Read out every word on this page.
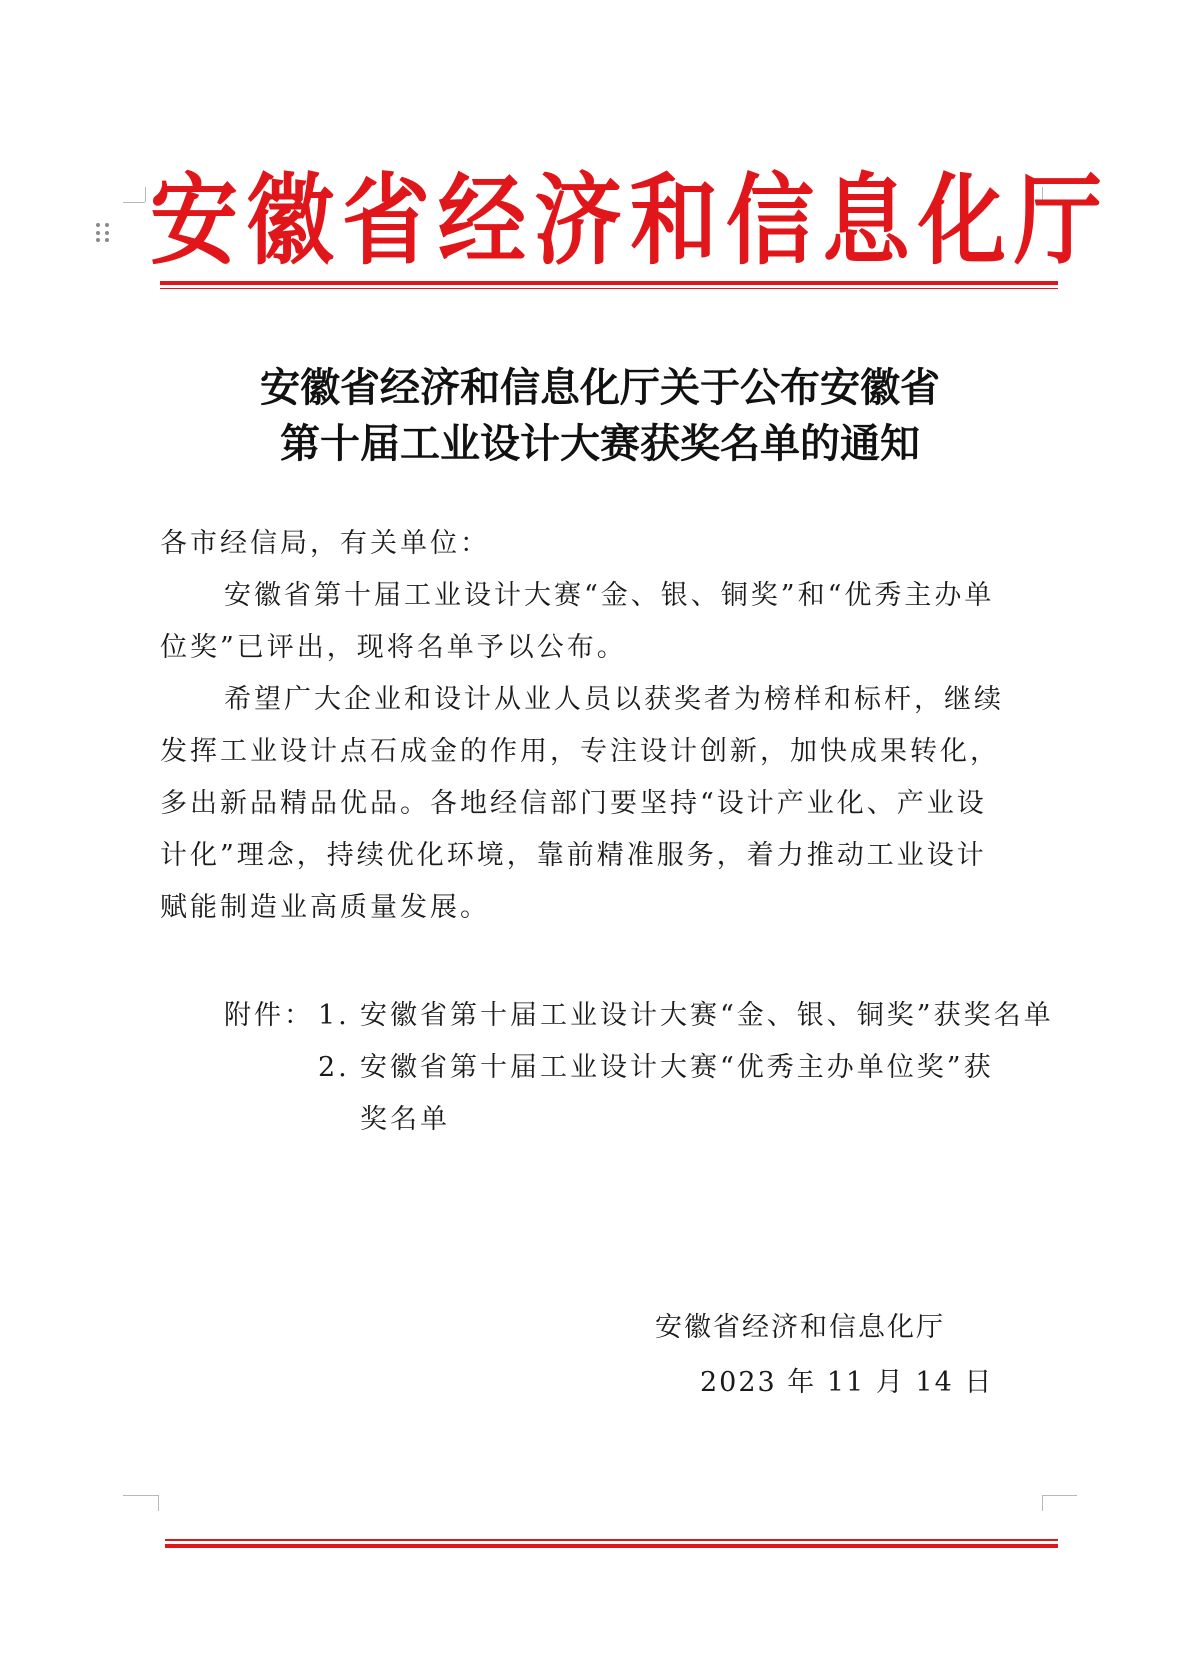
安徽省经济和信息化厅
安徽省经济和信息化厅关于公布安徽省
第十届工业设计大赛获奖名单的通知
各市经信局，有关单位：
安徽省第十届工业设计大赛“金、银、铜奖”和“优秀主办单
位奖”已评出，现将名单予以公布。
希望广大企业和设计从业人员以获奖者为榜样和标杆，继续
发挥工业设计点石成金的作用，专注设计创新，加快成果转化，
多出新品精品优品。各地经信部门要坚持“设计产业化、产业设
计化”理念，持续优化环境，靠前精准服务，着力推动工业设计
赋能制造业高质量发展。
附件： 1. 安徽省第十届工业设计大赛“金、银、铜奖”获奖名单
2. 安徽省第十届工业设计大赛“优秀主办单位奖”获
奖名单
安徽省经济和信息化厅
2023 年 11 月 14 日
